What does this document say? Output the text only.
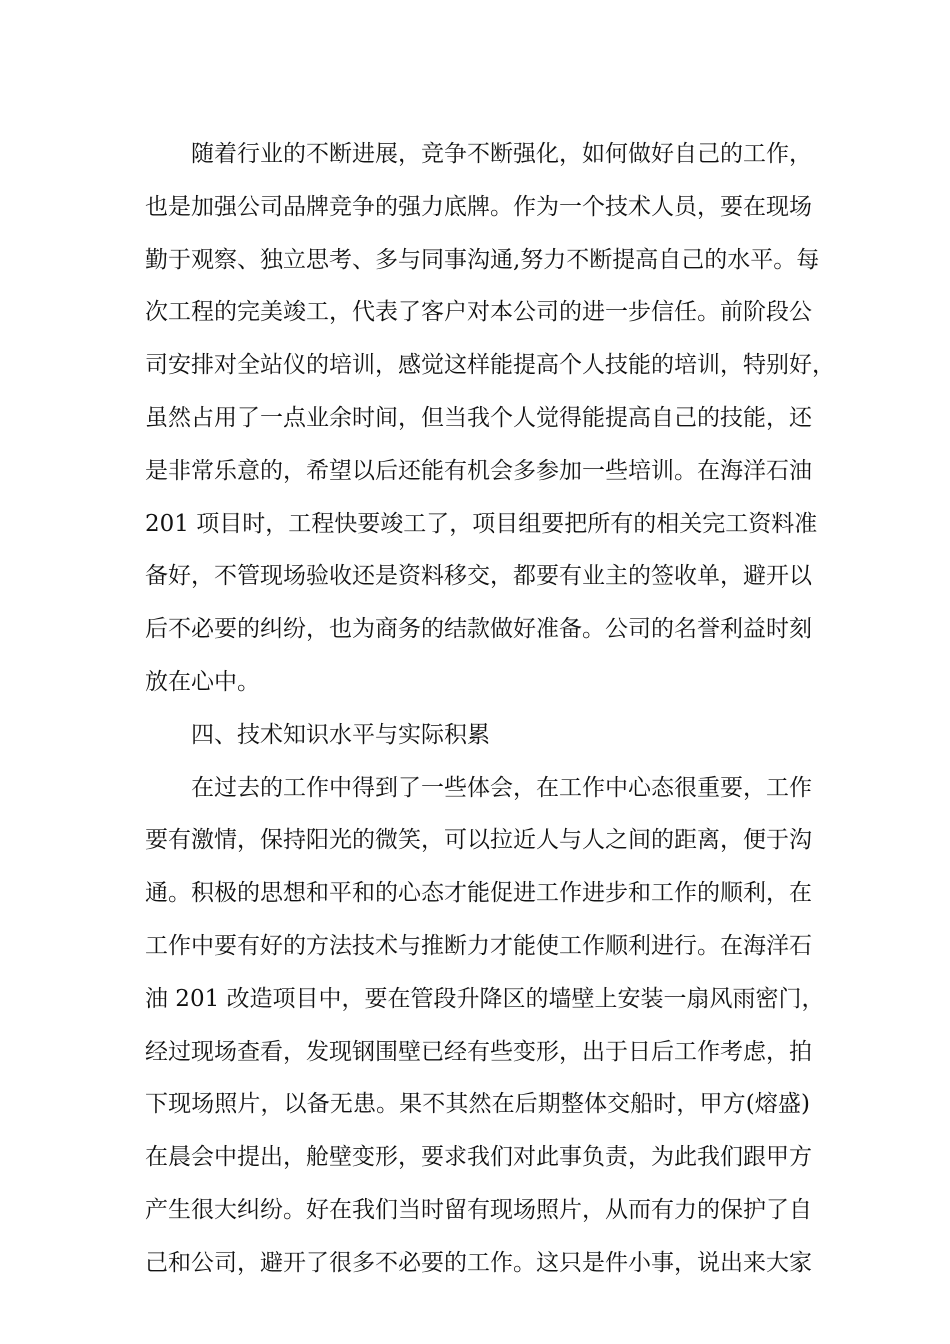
随着行业的不断进展，竞争不断强化，如何做好自己的工作，
也是加强公司品牌竞争的强力底牌。作为一个技术人员，要在现场
勤于观察、独立思考、多与同事沟通,努力不断提高自己的水平。每
次工程的完美竣工，代表了客户对本公司的进一步信任。前阶段公
司安排对全站仪的培训，感觉这样能提高个人技能的培训，特别好，
虽然占用了一点业余时间，但当我个人觉得能提高自己的技能，还
是非常乐意的，希望以后还能有机会多参加一些培训。在海洋石油
201 项目时，工程快要竣工了，项目组要把所有的相关完工资料准
备好，不管现场验收还是资料移交，都要有业主的签收单，避开以
后不必要的纠纷，也为商务的结款做好准备。公司的名誉利益时刻
放在心中。
四、技术知识水平与实际积累
在过去的工作中得到了一些体会，在工作中心态很重要，工作
要有激情，保持阳光的微笑，可以拉近人与人之间的距离，便于沟
通。积极的思想和平和的心态才能促进工作进步和工作的顺利，在
工作中要有好的方法技术与推断力才能使工作顺利进行。在海洋石
油 201 改造项目中，要在管段升降区的墙壁上安装一扇风雨密门，
经过现场查看，发现钢围壁已经有些变形，出于日后工作考虑，拍
下现场照片，以备无患。果不其然在后期整体交船时，甲方(熔盛)
在晨会中提出，舱壁变形，要求我们对此事负责，为此我们跟甲方
产生很大纠纷。好在我们当时留有现场照片，从而有力的保护了自
己和公司，避开了很多不必要的工作。这只是件小事，说出来大家
